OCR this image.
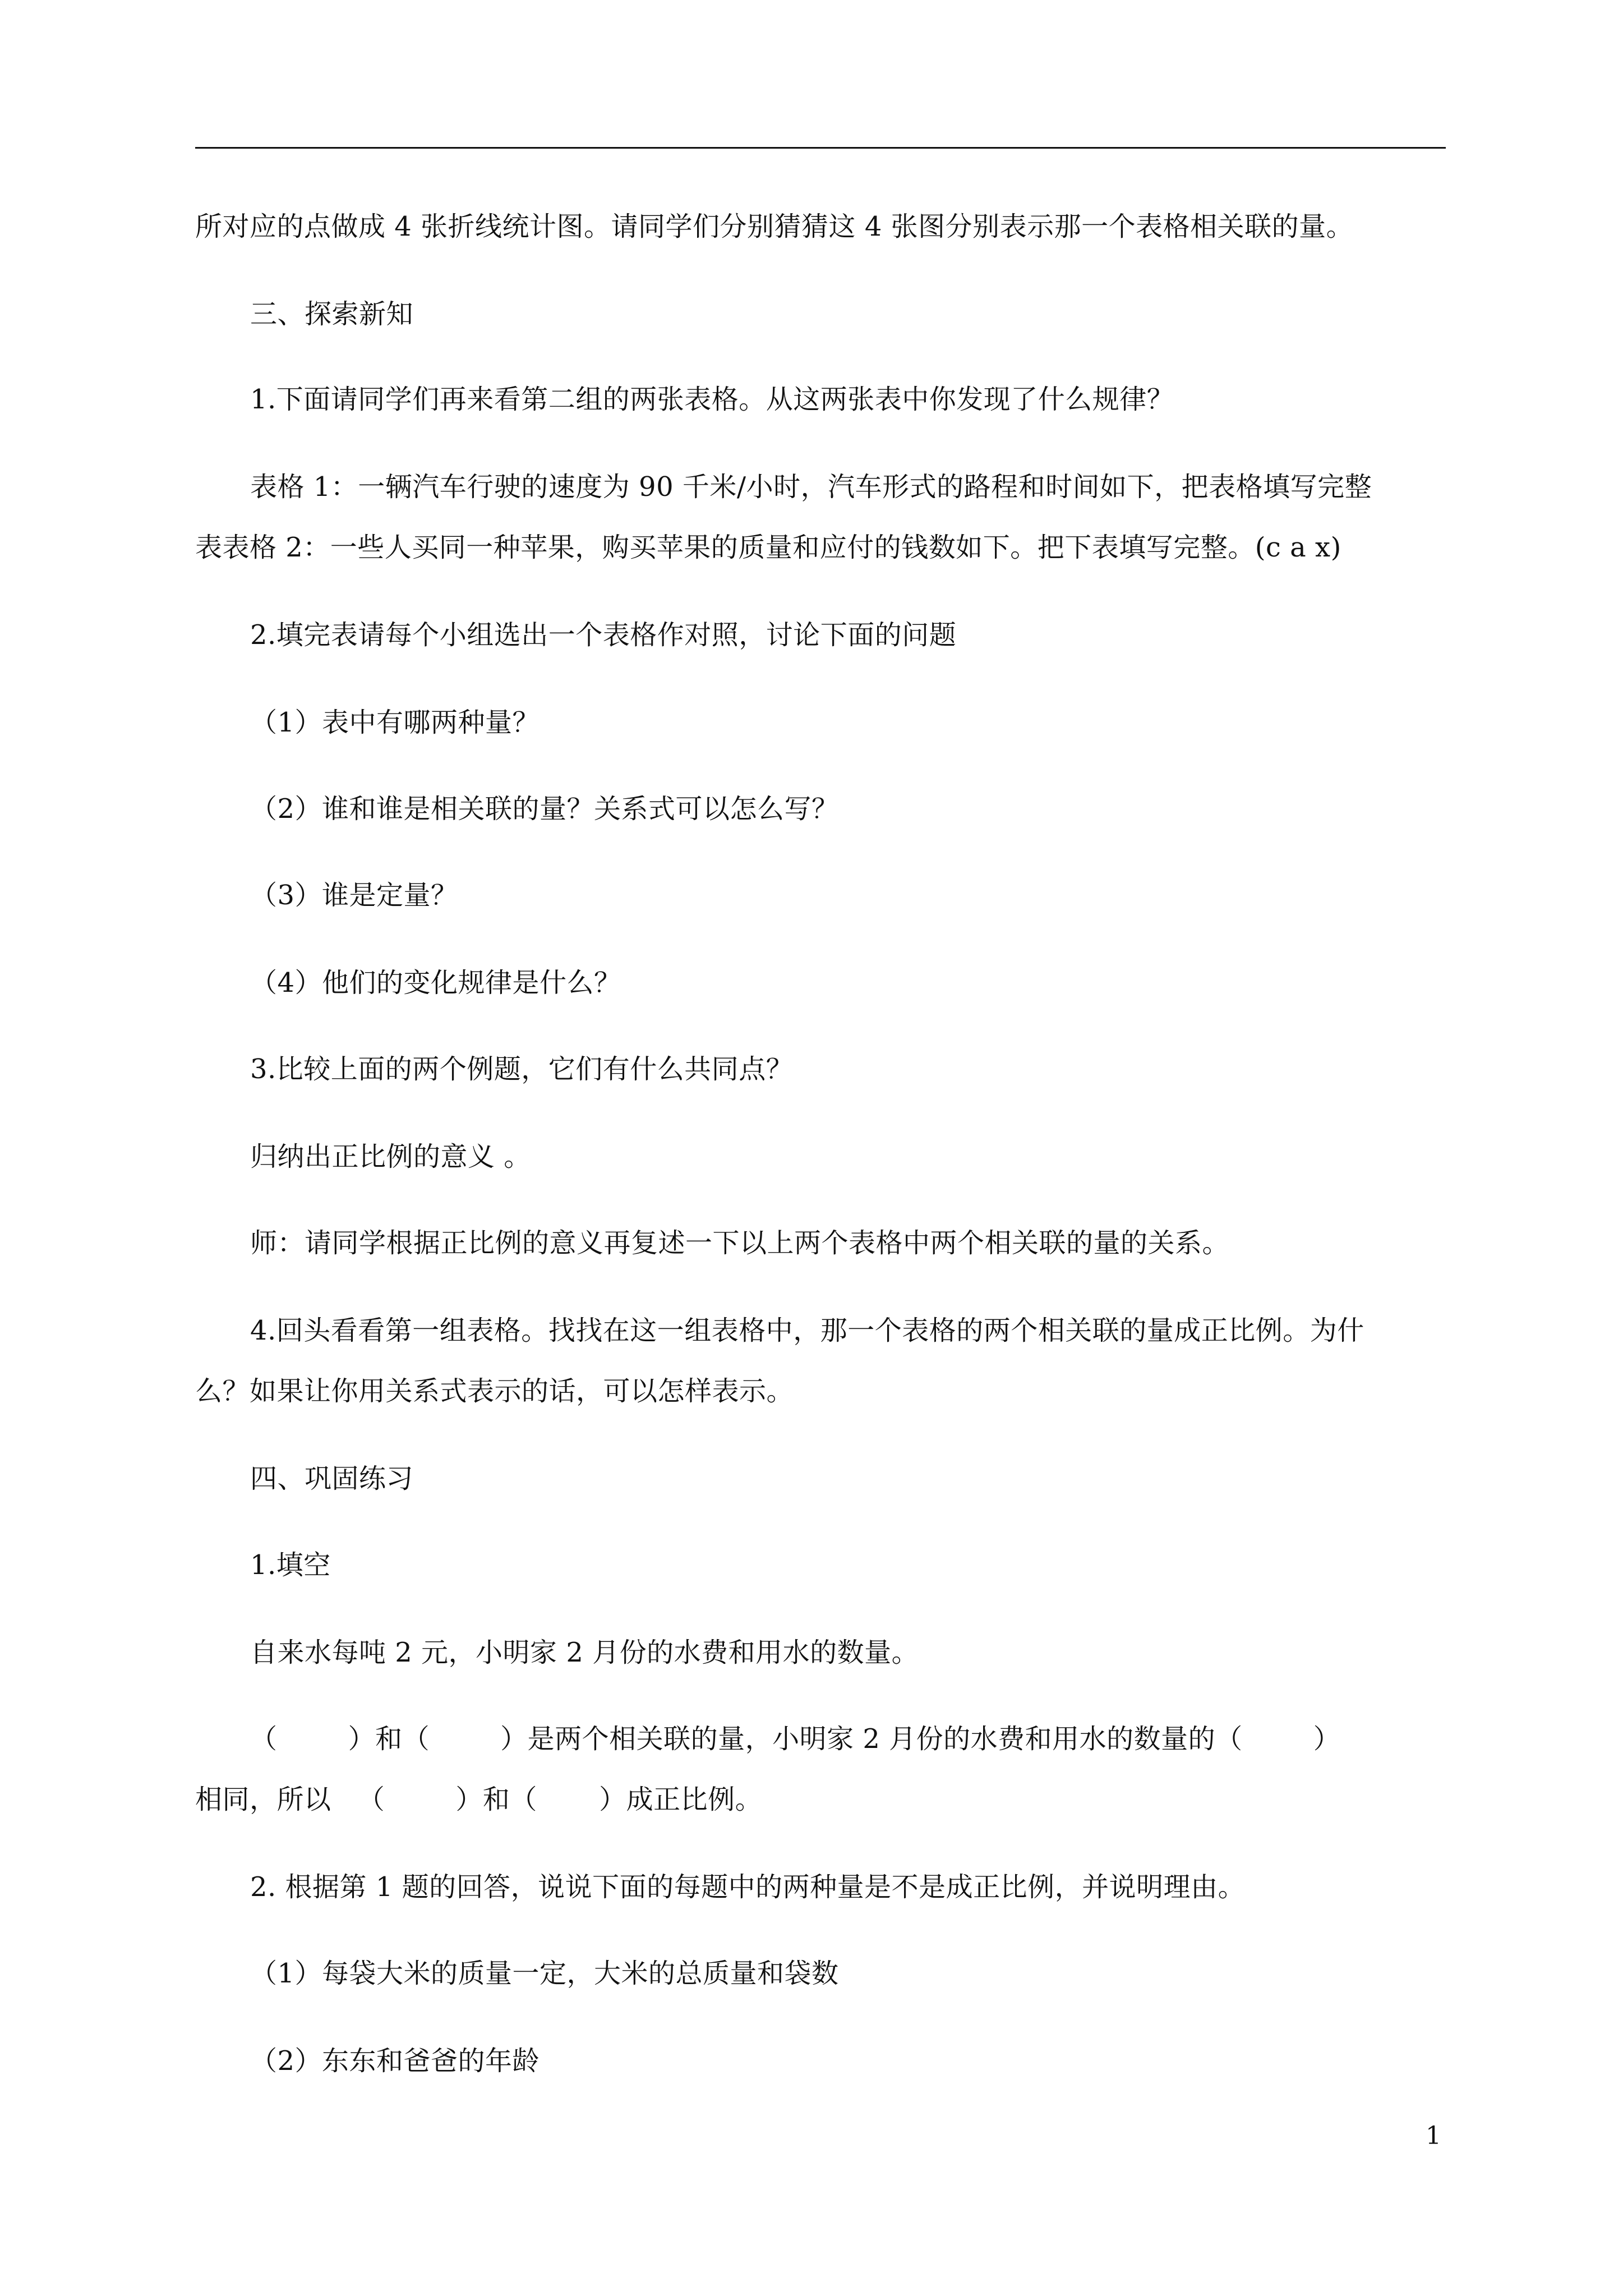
所对应的点做成 4 张折线统计图。请同学们分别猜猜这 4 张图分别表示那一个表格相关联的量。
三、探索新知
1.下面请同学们再来看第二组的两张表格。从这两张表中你发现了什么规律？
表格 1：一辆汽车行驶的速度为 90 千米/小时，汽车形式的路程和时间如下，把表格填写完整
表表格 2：一些人买同一种苹果，购买苹果的质量和应付的钱数如下。把下表填写完整。(c a x)
2.填完表请每个小组选出一个表格作对照，讨论下面的问题
（1）表中有哪两种量？
（2）谁和谁是相关联的量？关系式可以怎么写？
（3）谁是定量？
（4）他们的变化规律是什么？
3.比较上面的两个例题，它们有什么共同点？
归纳出正比例的意义 。
师：请同学根据正比例的意义再复述一下以上两个表格中两个相关联的量的关系。
4.回头看看第一组表格。找找在这一组表格中，那一个表格的两个相关联的量成正比例。为什
么？如果让你用关系式表示的话，可以怎样表示。
四、巩固练习
1.填空
自来水每吨 2 元，小明家 2 月份的水费和用水的数量。
（        ）和（        ）是两个相关联的量，小明家 2 月份的水费和用水的数量的（        ）
相同，所以   （        ）和（       ）成正比例。
2. 根据第 1 题的回答，说说下面的每题中的两种量是不是成正比例，并说明理由。
（1）每袋大米的质量一定，大米的总质量和袋数
（2）东东和爸爸的年龄
1
